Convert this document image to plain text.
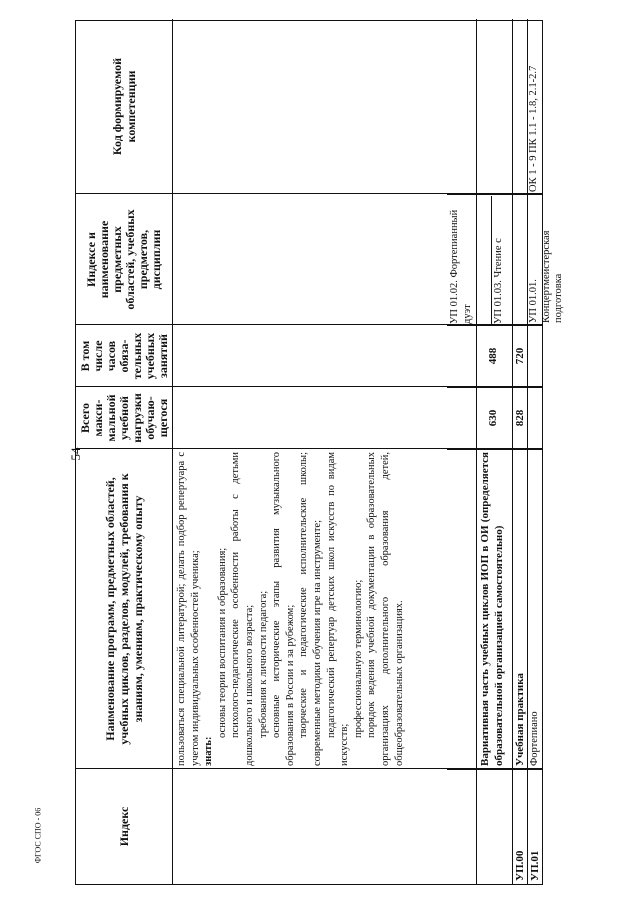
54
ФГОС СПО - 06	Индекс
Наименование программ, предметных областей, учебных циклов, разделов, модулей, требования к знаниям, умениям, практическому опыту
Всего макси-мальной учебной нагрузки обучаю-щегося
В том числе часов обяза-тельных учебных занятий
Индексе и наименование предметных областей, учебных предметов, дисциплин
Код формируемой компетенции

пользоваться специальной литературой; делать подбор репертуара с учетом индивидуальных особенностей ученика; знать:

основы теории воспитания и образования; психолого-педагогические особенности работы с детьми дошкольного и школьного возраста; требования к личности педагога; основные исторические этапы развития музыкального образования в России и за рубежом; творческие и педагогические исполнительские школы; современные методики обучения игре на инструменте; педагогический репертуар детских школ искусств по видам искусств;

профессиональную терминологию; порядок ведения учебной документации в образовательных организациях дополнительного образования детей, общеобразовательных организациях.	Вариативная часть учебных циклов ИОП в ОИ (определяется образовательной организацией самостоятельно)
630
488
УП.00
Учебная практика
828
720
УП.01
Фортепиано
УП 01.01. Концертмейстерская подготовка
ОК 1 - 9 ПК 1.1 - 1.8, 2.1-2.7
УП 01.02. Фортепианный дуэт УП 01.03. Чтение с
